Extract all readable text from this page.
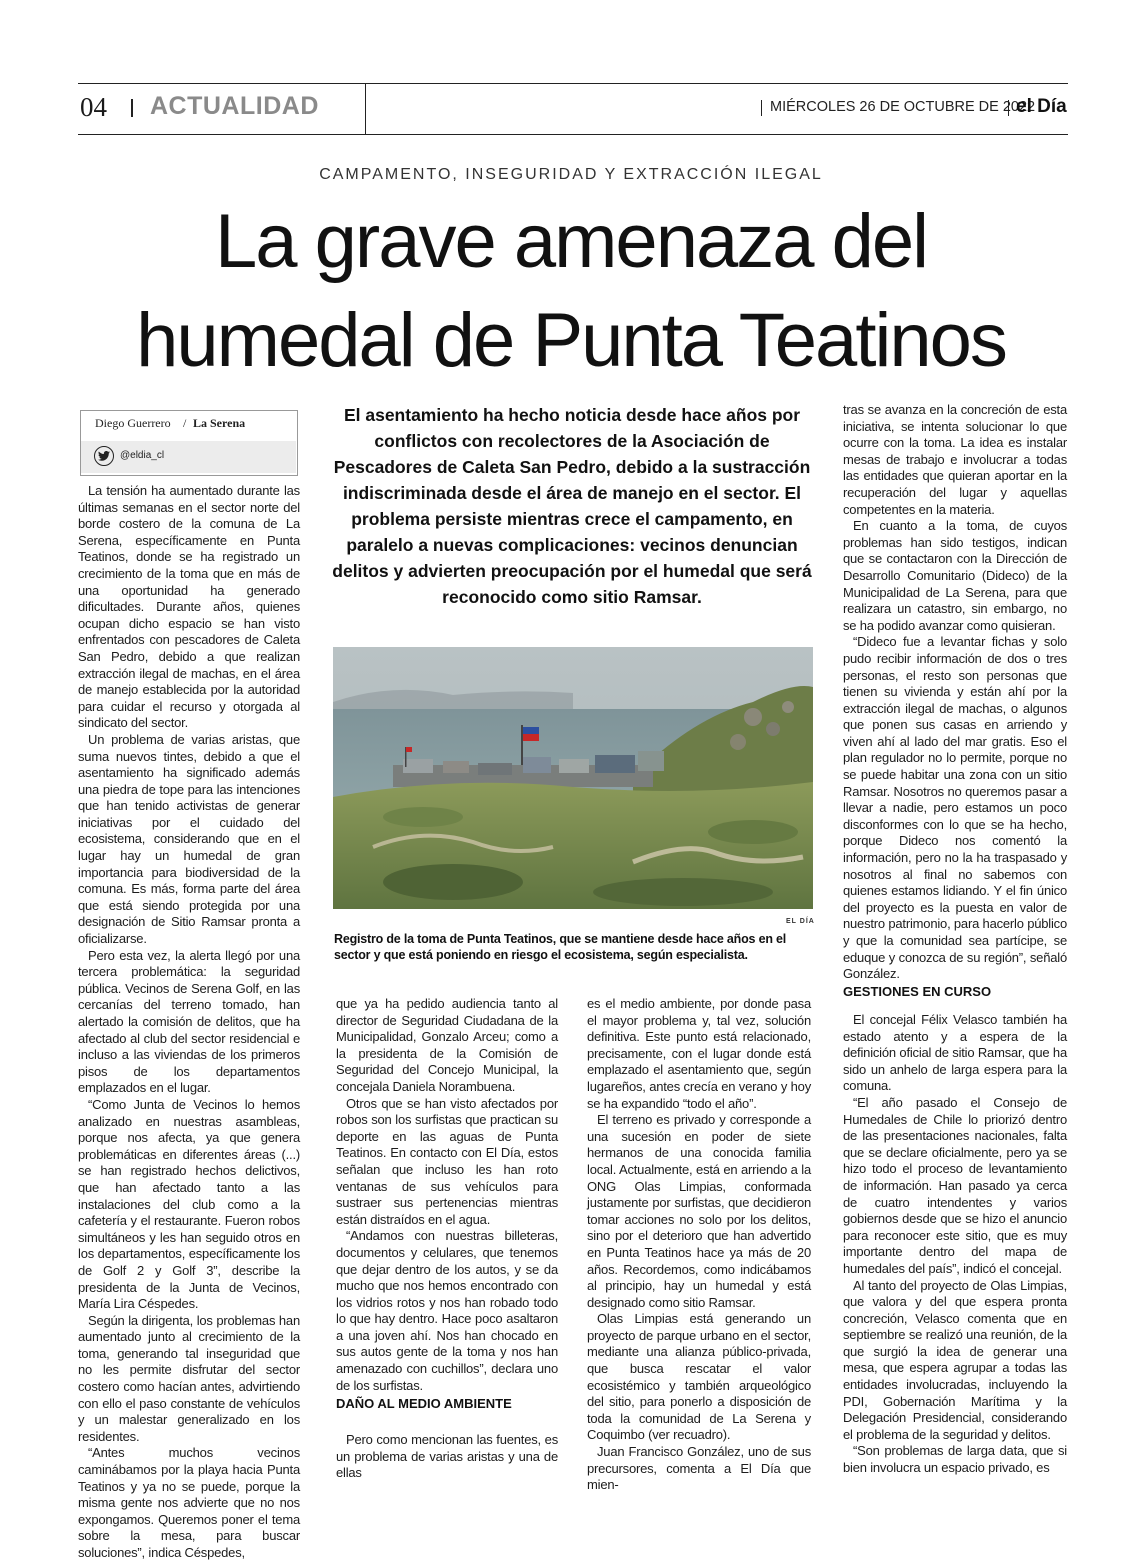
04 ACTUALIDAD	MIÉRCOLES 26 DE OCTUBRE DE 2022
el Día
CAMPAMENTO, INSEGURIDAD Y EXTRACCIÓN ILEGAL
La grave amenaza del
humedal de Punta Teatinos
Diego Guerrero / La Serena
@eldia_cl

La tensión ha aumentado durante las últimas semanas en el sector norte del borde costero de la comuna de La Serena, específicamente en Punta Teatinos, donde se ha registrado un crecimiento de la toma que en más de una oportunidad ha generado dificultades. Durante años, quienes ocupan dicho espacio se han visto enfrentados con pescadores de Caleta San Pedro, debido a que realizan extracción ilegal de machas, en el área de manejo establecida por la autoridad para cuidar el recurso y otorgada al sindicato del sector.

Un problema de varias aristas, que suma nuevos tintes, debido a que el asentamiento ha significado además una piedra de tope para las intenciones que han tenido activistas de generar iniciativas por el cuidado del ecosistema, considerando que en el lugar hay un humedal de gran importancia para biodiversidad de la comuna. Es más, forma parte del área que está siendo protegida por una designación de Sitio Ramsar pronta a oficializarse.

Pero esta vez, la alerta llegó por una tercera problemática: la seguridad pública. Vecinos de Serena Golf, en las cercanías del terreno tomado, han alertado la comisión de delitos, que ha afectado al club del sector residencial e incluso a las viviendas de los primeros pisos de los departamentos emplazados en el lugar.

“Como Junta de Vecinos lo hemos analizado en nuestras asambleas, porque nos afecta, ya que genera problemáticas en diferentes áreas (...) se han registrado hechos delictivos, que han afectado tanto a las instalaciones del club como a la cafetería y el restaurante. Fueron robos simultáneos y les han seguido otros en los departamentos, específicamente los de Golf 2 y Golf 3”, describe la presidenta de la Junta de Vecinos, María Lira Céspedes.

Según la dirigenta, los problemas han aumentado junto al crecimiento de la toma, generando tal inseguridad que no les permite disfrutar del sector costero como hacían antes, advirtiendo con ello el paso constante de vehículos y un malestar generalizado en los residentes.

“Antes muchos vecinos caminábamos por la playa hacia Punta Teatinos y ya no se puede, porque la misma gente nos advierte que no nos expongamos. Queremos poner el tema sobre la mesa, para buscar soluciones”, indica Céspedes,

El asentamiento ha hecho noticia desde hace años por conflictos con recolectores de la Asociación de Pescadores de Caleta San Pedro, debido a la sustracción indiscriminada desde el área de manejo en el sector. El problema persiste mientras crece el campamento, en paralelo a nuevas complicaciones: vecinos denuncian delitos y advierten preocupación por el humedal que será reconocido como sitio Ramsar.
EL DÍA
Registro de la toma de Punta Teatinos, que se mantiene desde hace años en el sector y que está poniendo en riesgo el ecosistema, según especialista.

que ya ha pedido audiencia tanto al director de Seguridad Ciudadana de la Municipalidad, Gonzalo Arceu; como a la presidenta de la Comisión de Seguridad del Concejo Municipal, la concejala Daniela Norambuena.

Otros que se han visto afectados por robos son los surfistas que practican su deporte en las aguas de Punta Teatinos. En contacto con El Día, estos señalan que incluso les han roto ventanas de sus vehículos para sustraer sus pertenencias mientras están distraídos en el agua.

“Andamos con nuestras billeteras, documentos y celulares, que tenemos que dejar dentro de los autos, y se da mucho que nos hemos encontrado con los vidrios rotos y nos han robado todo lo que hay dentro. Hace poco asaltaron a una joven ahí. Nos han chocado en sus autos gente de la toma y nos han amenazado con cuchillos”, declara uno de los surfistas.

Pero como mencionan las fuentes, es un problema de varias aristas y una de ellas

DAÑO AL MEDIO AMBIENTE

es el medio ambiente, por donde pasa el mayor problema y, tal vez, solución definitiva. Este punto está relacionado, precisamente, con el lugar donde está emplazado el asentamiento que, según lugareños, antes crecía en verano y hoy se ha expandido “todo el año”.

El terreno es privado y corresponde a una sucesión en poder de siete hermanos de una conocida familia local. Actualmente, está en arriendo a la ONG Olas Limpias, conformada justamente por surfistas, que decidieron tomar acciones no solo por los delitos, sino por el deterioro que han advertido en Punta Teatinos hace ya más de 20 años. Recordemos, como indicábamos al principio, hay un humedal y está designado como sitio Ramsar.

Olas Limpias está generando un proyecto de parque urbano en el sector, mediante una alianza público-privada, que busca rescatar el valor ecosistémico y también arqueológico del sitio, para ponerlo a disposición de toda la comunidad de La Serena y Coquimbo (ver recuadro).

Juan Francisco González, uno de sus precursores, comenta a El Día que mien-

tras se avanza en la concreción de esta iniciativa, se intenta solucionar lo que ocurre con la toma. La idea es instalar mesas de trabajo e involucrar a todas las entidades que quieran aportar en la recuperación del lugar y aquellas competentes en la materia.

En cuanto a la toma, de cuyos problemas han sido testigos, indican que se contactaron con la Dirección de Desarrollo Comunitario (Dideco) de la Municipalidad de La Serena, para que realizara un catastro, sin embargo, no se ha podido avanzar como quisieran.

“Dideco fue a levantar fichas y solo pudo recibir información de dos o tres personas, el resto son personas que tienen su vivienda y están ahí por la extracción ilegal de machas, o algunos que ponen sus casas en arriendo y viven ahí al lado del mar gratis. Eso el plan regulador no lo permite, porque no se puede habitar una zona con un sitio Ramsar. Nosotros no queremos pasar a llevar a nadie, pero estamos un poco disconformes con lo que se ha hecho, porque Dideco nos comentó la información, pero no la ha traspasado y nosotros al final no sabemos con quienes estamos lidiando. Y el fin único del proyecto es la puesta en valor de nuestro patrimonio, para hacerlo público y que la comunidad sea partícipe, se eduque y conozca de su región”, señaló González.

GESTIONES EN CURSO

El concejal Félix Velasco también ha estado atento y a espera de la definición oficial de sitio Ramsar, que ha sido un anhelo de larga espera para la comuna.

“El año pasado el Consejo de Humedales de Chile lo priorizó dentro de las presentaciones nacionales, falta que se declare oficialmente, pero ya se hizo todo el proceso de levantamiento de información. Han pasado ya cerca de cuatro intendentes y varios gobiernos desde que se hizo el anuncio para reconocer este sitio, que es muy importante dentro del mapa de humedales del país”, indicó el concejal.

Al tanto del proyecto de Olas Limpias, que valora y del que espera pronta concreción, Velasco comenta que en septiembre se realizó una reunión, de la que surgió la idea de generar una mesa, que espera agrupar a todas las entidades involucradas, incluyendo la PDI, Gobernación Marítima y la Delegación Presidencial, considerando el problema de la seguridad y delitos.

“Son problemas de larga data, que si bien involucra un espacio privado, es
